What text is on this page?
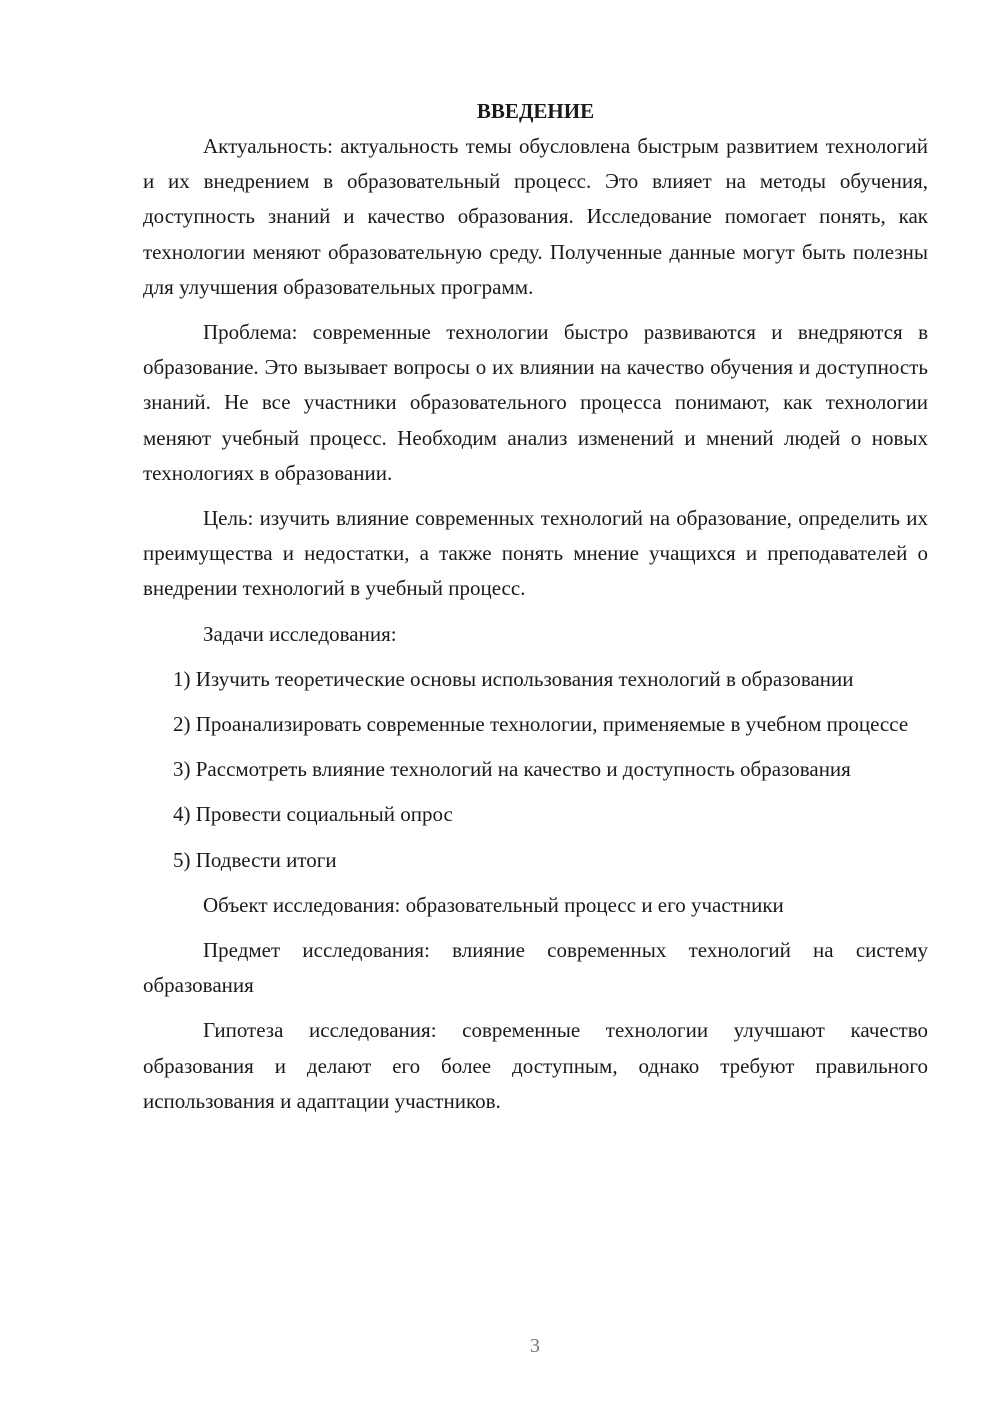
ВВЕДЕНИЕ

Актуальность: актуальность темы обусловлена быстрым развитием технологий и их внедрением в образовательный процесс. Это влияет на методы обучения, доступность знаний и качество образования. Исследование помогает понять, как технологии меняют образовательную среду. Полученные данные могут быть полезны для улучшения образовательных программ.

Проблема: современные технологии быстро развиваются и внедряются в образование. Это вызывает вопросы о их влиянии на качество обучения и доступность знаний. Не все участники образовательного процесса понимают, как технологии меняют учебный процесс. Необходим анализ изменений и мнений людей о новых технологиях в образовании.

Цель: изучить влияние современных технологий на образование, определить их преимущества и недостатки, а также понять мнение учащихся и преподавателей о внедрении технологий в учебный процесс.

Задачи исследования:

1) Изучить теоретические основы использования технологий в образовании

2) Проанализировать современные технологии, применяемые в учебном процессе

3) Рассмотреть влияние технологий на качество и доступность образования

4) Провести социальный опрос

5) Подвести итоги

Объект исследования: образовательный процесс и его участники

Предмет исследования: влияние современных технологий на систему образования

Гипотеза исследования: современные технологии улучшают качество образования и делают его более доступным, однако требуют правильного использования и адаптации участников.

3
